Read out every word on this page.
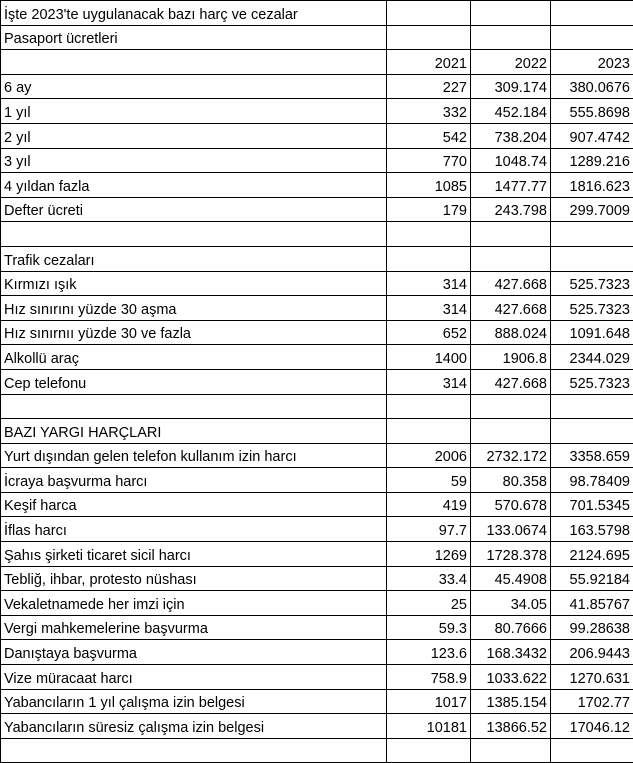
İşte 2023'te uygulanacak bazı harç ve cezalar			
Pasaport ücretleri			
	2021	2022	2023
6 ay	227	309.174	380.0676
1 yıl	332	452.184	555.8698
2 yıl	542	738.204	907.4742
3 yıl	770	1048.74	1289.216
4 yıldan fazla	1085	1477.77	1816.623
Defter ücreti	179	243.798	299.7009

Trafik cezaları			
Kırmızı ışık	314	427.668	525.7323
Hız sınırını yüzde 30 aşma	314	427.668	525.7323
Hız sınırnıı yüzde 30 ve fazla	652	888.024	1091.648
Alkollü araç	1400	1906.8	2344.029
Cep telefonu	314	427.668	525.7323

BAZI YARGI HARÇLARI			
Yurt dışından gelen telefon kullanım izin harcı	2006	2732.172	3358.659
İcraya başvurma harcı	59	80.358	98.78409
Keşif harca	419	570.678	701.5345
İflas harcı	97.7	133.0674	163.5798
Şahıs şirketi ticaret sicil harcı	1269	1728.378	2124.695
Tebliğ, ihbar, protesto nüshası	33.4	45.4908	55.92184
Vekaletnamede her imzi için	25	34.05	41.85767
Vergi mahkemelerine başvurma	59.3	80.7666	99.28638
Danıştaya başvurma	123.6	168.3432	206.9443
Vize müracaat harcı	758.9	1033.622	1270.631
Yabancıların 1 yıl çalışma izin belgesi	1017	1385.154	1702.77
Yabancıların süresiz çalışma izin belgesi	10181	13866.52	17046.12
